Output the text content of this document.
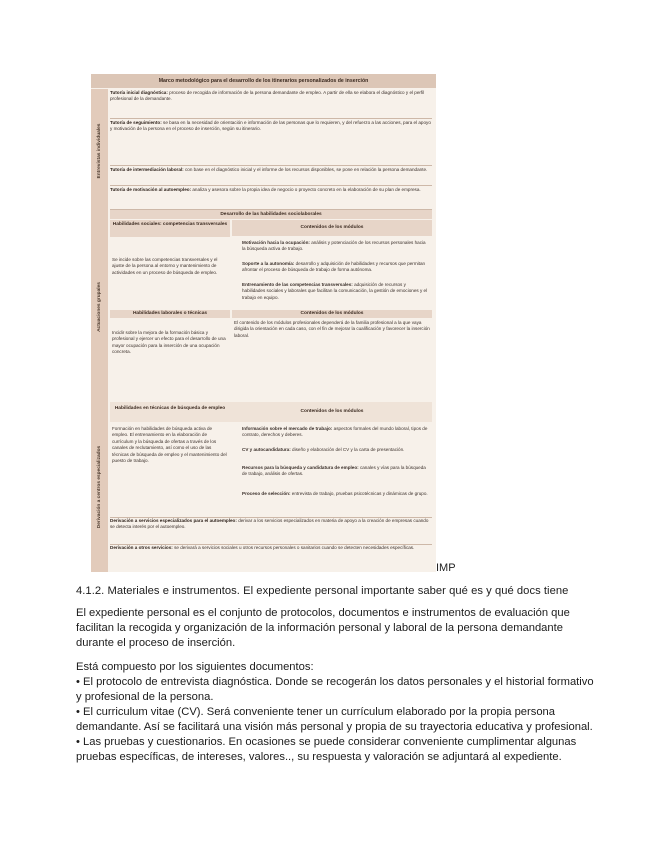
Marco metodológico para el desarrollo de los itinerarios personalizados de inserción
Entrevistas individuales
Tutoría inicial diagnóstica: proceso de recogida de información de la persona demandante de empleo. A partir de ella se elabora el diagnóstico y el perfil profesional de la demandante.
Tutoría de seguimiento: se basa en la necesidad de orientación e información de las personas que lo requieren, y del refuerzo a las acciones, para el apoyo y motivación de la persona en el proceso de inserción, según su itinerario.
Tutoría de intermediación laboral: con base en el diagnóstico inicial y el informe de los recursos disponibles, se pone en relación la persona demandante.
Tutoría de motivación al autoempleo: analiza y asesora sobre la propia idea de negocio o proyecto concreto en la elaboración de su plan de empresa.
Actuaciones grupales
Desarrollo de las habilidades sociolaborales
Habilidades sociales: competencias transversales
Contenidos de los módulos
Se incide sobre las competencias transversales y el ajuste de la persona al entorno y mantenimiento de actividades en un proceso de búsqueda de empleo.
■ Motivación hacia la ocupación: análisis y potenciación de los recursos personales hacia la búsqueda activa de trabajo.
■ Soporte a la autonomía: desarrollo y adquisición de habilidades y recursos que permitan afrontar el proceso de búsqueda de trabajo de forma autónoma.
■ Entrenamiento de las competencias transversales: adquisición de recursos y habilidades sociales y laborales que facilitan la comunicación, la gestión de emociones y el trabajo en equipo.
Habilidades laborales o técnicas	Contenidos de los módulos
Incidir sobre la mejora de la formación básica y profesional y ejercer un efecto para el desarrollo de una mayor ocupación para la inserción de una ocupación concreta.
El contenido de los módulos profesionales dependerá de la familia profesional a la que vaya dirigida la orientación en cada caso, con el fin de mejorar la cualificación y favorecer la inserción laboral.
Derivación a centros especializados
Habilidades en técnicas de búsqueda de empleo
Contenidos de los módulos
Formación en habilidades de búsqueda activa de empleo. El entrenamiento en la elaboración de currículum y la búsqueda de ofertas a través de los canales de reclutamiento, así como el uso de las técnicas de búsqueda de empleo y el mantenimiento del puesto de trabajo.
■ Información sobre el mercado de trabajo: aspectos formales del mundo laboral, tipos de contrato, derechos y deberes.
■ CV y autocandidatura: diseño y elaboración del CV y la carta de presentación.
■ Recursos para la búsqueda y candidatura de empleo: canales y vías para la búsqueda de trabajo, análisis de ofertas.
■ Proceso de selección: entrevista de trabajo, pruebas psicotécnicas y dinámicas de grupo.
Derivación a servicios especializados para el autoempleo: derivar a los servicios especializados en materia de apoyo a la creación de empresas cuando se detecta interés por el autoempleo.
Derivación a otros servicios: se derivará a servicios sociales u otros recursos personales o sanitarios cuando se detecten necesidades específicas.
IMP
4.1.2. Materiales e instrumentos. El expediente personal importante saber qué es y qué docs tiene
El expediente personal es el conjunto de protocolos, documentos e instrumentos de evaluación que
facilitan la recogida y organización de la información personal y laboral de la persona demandante
durante el proceso de inserción.
Está compuesto por los siguientes documentos:
• El protocolo de entrevista diagnóstica. Donde se recogerán los datos personales y el historial formativo
y profesional de la persona.
• El curriculum vitae (CV). Será conveniente tener un currículum elaborado por la propia persona
demandante. Así se facilitará una visión más personal y propia de su trayectoria educativa y profesional.
• Las pruebas y cuestionarios. En ocasiones se puede considerar conveniente cumplimentar algunas
pruebas específicas, de intereses, valores.., su respuesta y valoración se adjuntará al expediente.
